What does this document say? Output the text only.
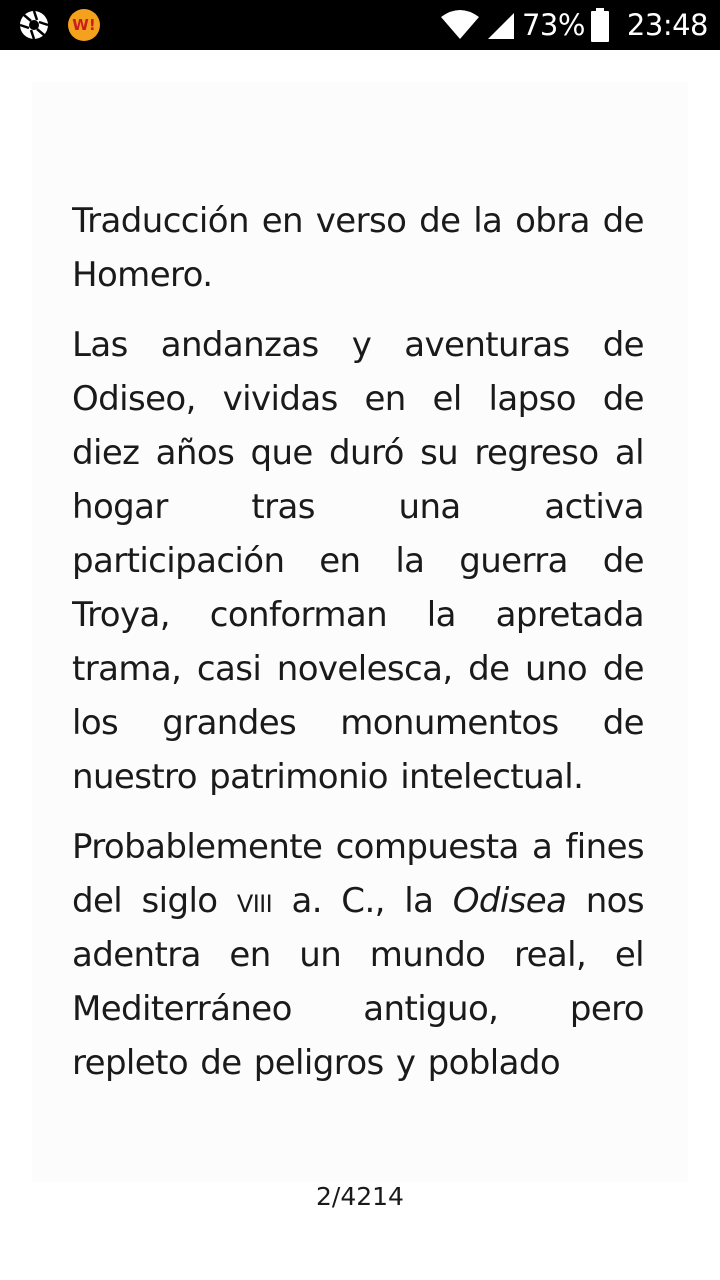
W!	73% 23:48

Traducción en verso de la obra de Homero.

Las andanzas y aventuras de Odiseo, vividas en el lapso de diez años que duró su regreso al hogar tras una activa participación en la guerra de Troya, conforman la apretada trama, casi novelesca, de uno de los grandes monumentos de nuestro patrimonio intelectual.

Probablemente compuesta a fines del siglo viii a. C., la Odisea nos adentra en un mundo real, el Mediterráneo antiguo, pero repleto de peligros y poblado

2/4214
